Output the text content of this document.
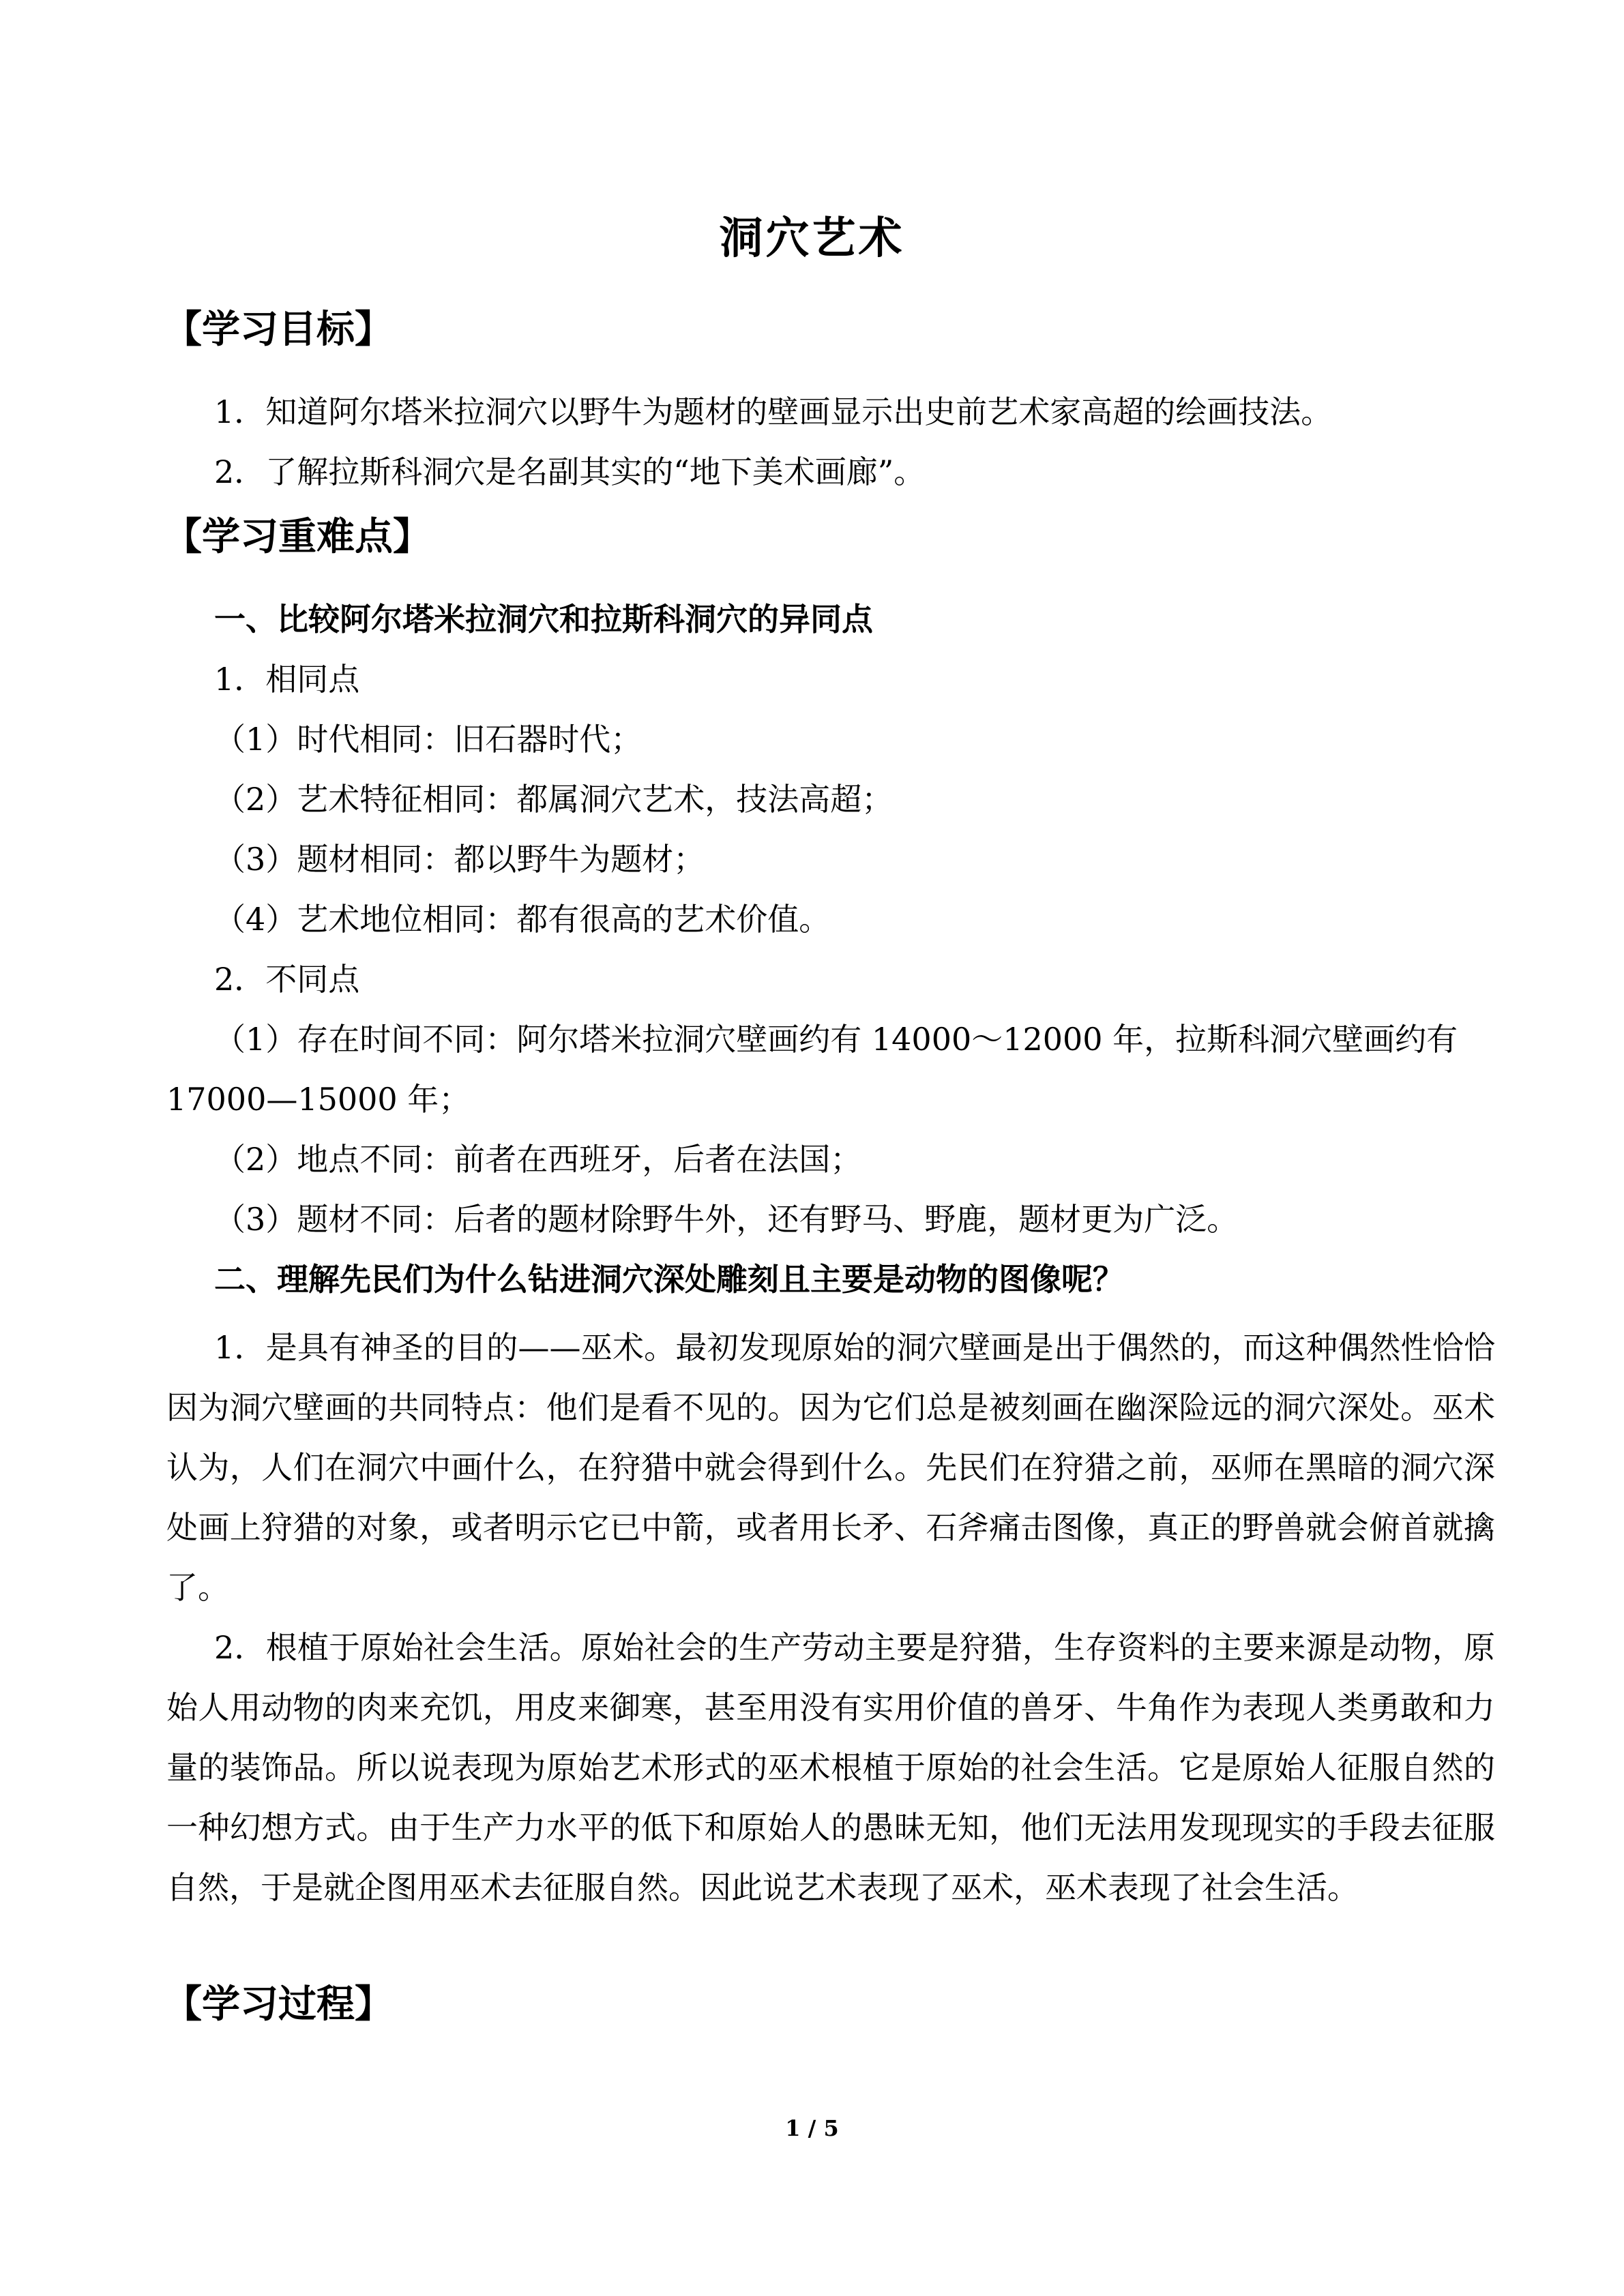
洞穴艺术
【学习目标】
1．知道阿尔塔米拉洞穴以野牛为题材的壁画显示出史前艺术家高超的绘画技法。
2．了解拉斯科洞穴是名副其实的“地下美术画廊”。
【学习重难点】
一、比较阿尔塔米拉洞穴和拉斯科洞穴的异同点
1．相同点
（1）时代相同：旧石器时代；
（2）艺术特征相同：都属洞穴艺术，技法高超；
（3）题材相同：都以野牛为题材；
（4）艺术地位相同：都有很高的艺术价值。
2．不同点
（1）存在时间不同：阿尔塔米拉洞穴壁画约有 14000～12000 年，拉斯科洞穴壁画约有
17000—15000 年；
（2）地点不同：前者在西班牙，后者在法国；
（3）题材不同：后者的题材除野牛外，还有野马、野鹿，题材更为广泛。
二、理解先民们为什么钻进洞穴深处雕刻且主要是动物的图像呢？
1．是具有神圣的目的——巫术。最初发现原始的洞穴壁画是出于偶然的，而这种偶然性恰恰因为洞穴壁画的共同特点：他们是看不见的。因为它们总是被刻画在幽深险远的洞穴深处。巫术认为，人们在洞穴中画什么，在狩猎中就会得到什么。先民们在狩猎之前，巫师在黑暗的洞穴深处画上狩猎的对象，或者明示它已中箭，或者用长矛、石斧痛击图像，真正的野兽就会俯首就擒了。
2．根植于原始社会生活。原始社会的生产劳动主要是狩猎，生存资料的主要来源是动物，原始人用动物的肉来充饥，用皮来御寒，甚至用没有实用价值的兽牙、牛角作为表现人类勇敢和力量的装饰品。所以说表现为原始艺术形式的巫术根植于原始的社会生活。它是原始人征服自然的一种幻想方式。由于生产力水平的低下和原始人的愚昧无知，他们无法用发现现实的手段去征服自然，于是就企图用巫术去征服自然。因此说艺术表现了巫术，巫术表现了社会生活。
【学习过程】
1 / 5
